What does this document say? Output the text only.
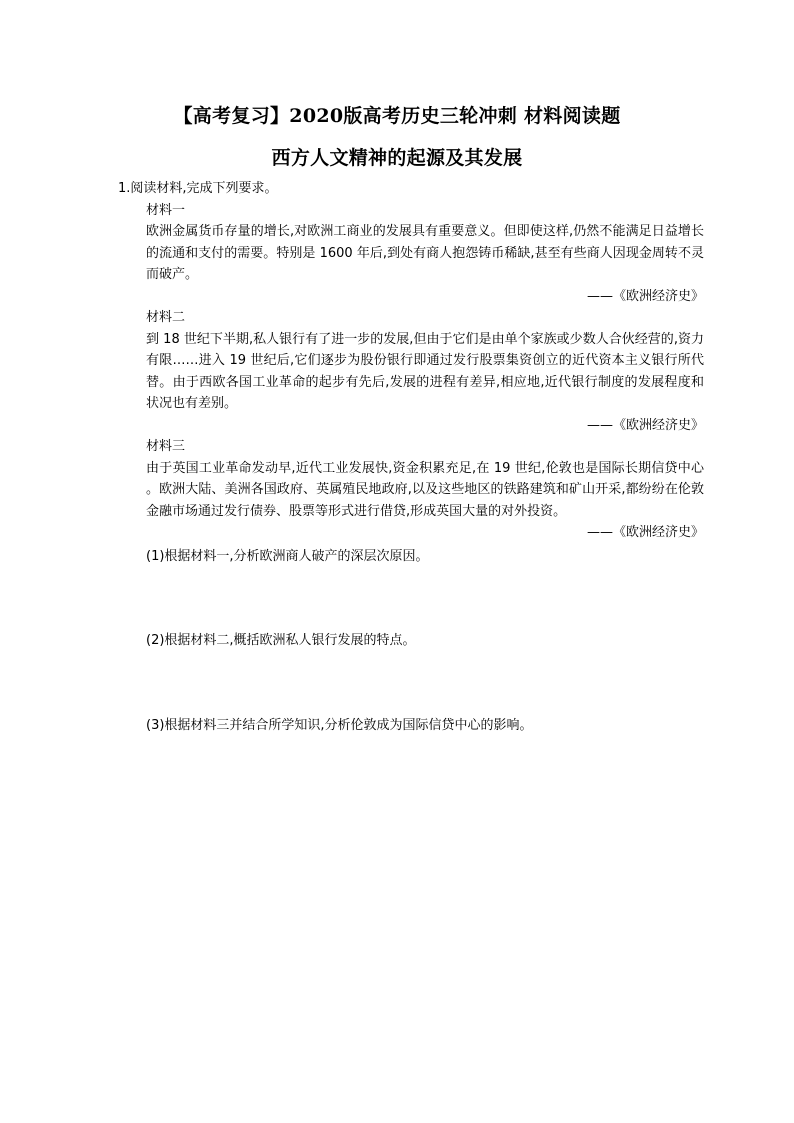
【高考复习】2020版高考历史三轮冲刺 材料阅读题
西方人文精神的起源及其发展
1.阅读材料,完成下列要求。
材料一
欧洲金属货币存量的增长,对欧洲工商业的发展具有重要意义。但即使这样,仍然不能满足日益增长的流通和支付的需要。特别是 1600 年后,到处有商人抱怨铸币稀缺,甚至有些商人因现金周转不灵而破产。
——《欧洲经济史》
材料二
到 18 世纪下半期,私人银行有了进一步的发展,但由于它们是由单个家族或少数人合伙经营的,资力有限……进入 19 世纪后,它们逐步为股份银行即通过发行股票集资创立的近代资本主义银行所代替。由于西欧各国工业革命的起步有先后,发展的进程有差异,相应地,近代银行制度的发展程度和状况也有差别。
——《欧洲经济史》
材料三
由于英国工业革命发动早,近代工业发展快,资金积累充足,在 19 世纪,伦敦也是国际长期信贷中心。欧洲大陆、美洲各国政府、英属殖民地政府,以及这些地区的铁路建筑和矿山开采,都纷纷在伦敦金融市场通过发行债券、股票等形式进行借贷,形成英国大量的对外投资。
——《欧洲经济史》
(1)根据材料一,分析欧洲商人破产的深层次原因。
(2)根据材料二,概括欧洲私人银行发展的特点。
(3)根据材料三并结合所学知识,分析伦敦成为国际信贷中心的影响。
